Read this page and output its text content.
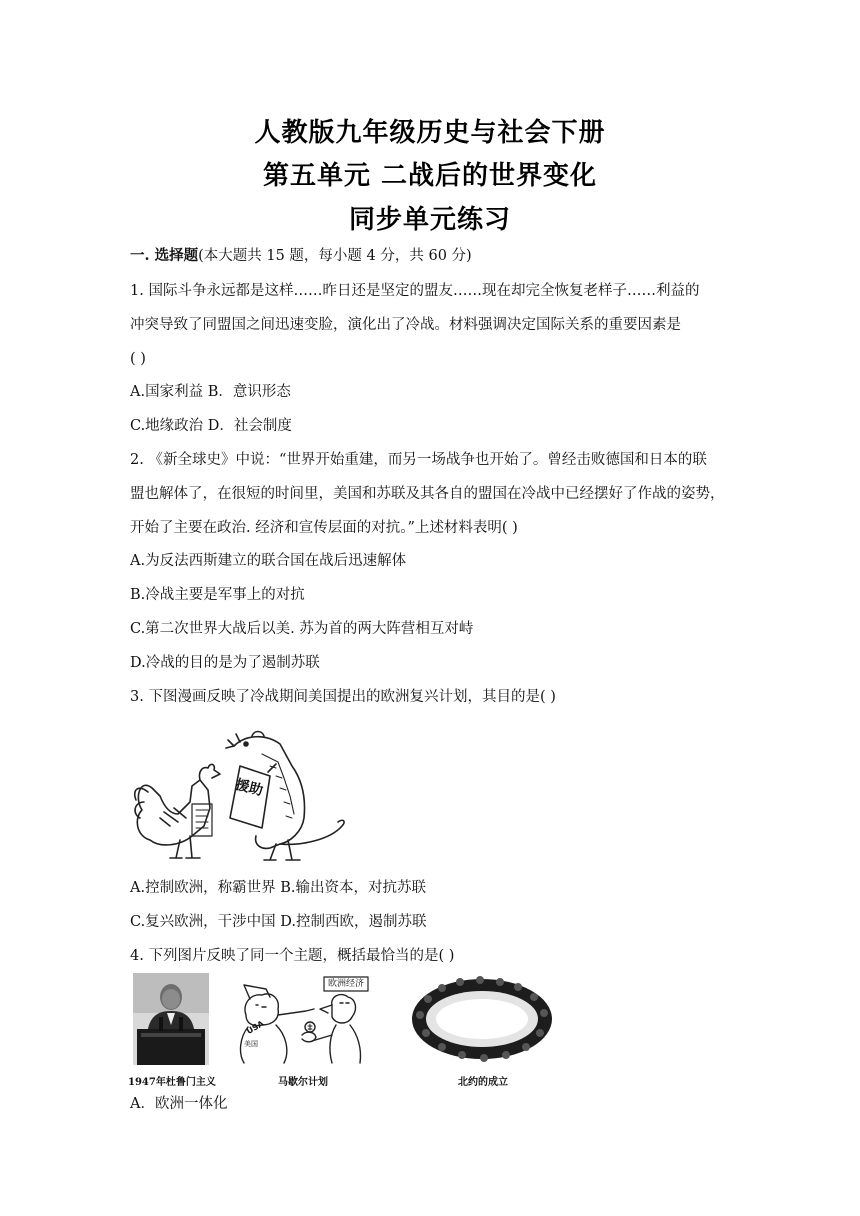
人教版九年级历史与社会下册
第五单元 二战后的世界变化
同步单元练习
一. 选择题(本大题共 15 题，每小题 4 分，共 60 分)
1. 国际斗争永远都是这样……昨日还是坚定的盟友……现在却完全恢复老样子……利益的
冲突导致了同盟国之间迅速变脸，演化出了冷战。材料强调决定国际关系的重要因素是
( )
A.国家利益 B．意识形态
C.地缘政治 D．社会制度
2. 《新全球史》中说：“世界开始重建，而另一场战争也开始了。曾经击败德国和日本的联
盟也解体了，在很短的时间里，美国和苏联及其各自的盟国在冷战中已经摆好了作战的姿势，
开始了主要在政治. 经济和宣传层面的对抗。”上述材料表明( )
A.为反法西斯建立的联合国在战后迅速解体
B.冷战主要是军事上的对抗
C.第二次世界大战后以美. 苏为首的两大阵营相互对峙
D.冷战的目的是为了遏制苏联
3. 下图漫画反映了冷战期间美国提出的欧洲复兴计划，其目的是( )
援助
A.控制欧洲，称霸世界 B.输出资本，对抗苏联
C.复兴欧洲，干涉中国 D.控制西欧，遏制苏联
4. 下列图片反映了同一个主题，概括最恰当的是( )
1947年杜鲁门主义
欧洲经济
USA
美国
马歇尔计划	北约的成立
A．欧洲一体化
